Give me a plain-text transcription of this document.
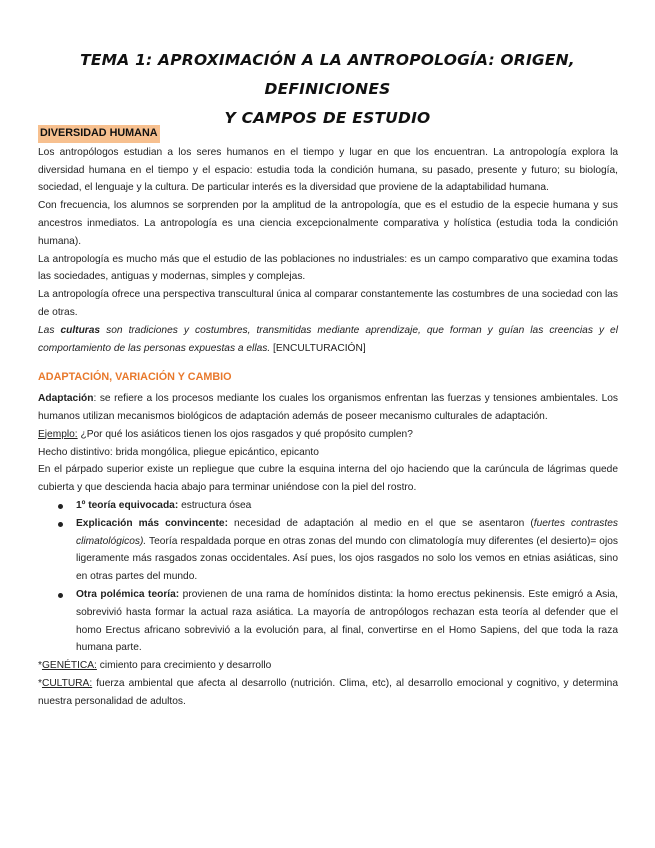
TEMA 1: APROXIMACIÓN A LA ANTROPOLOGÍA: ORIGEN, DEFINICIONES
Y CAMPOS DE ESTUDIO
DIVERSIDAD HUMANA

Los antropólogos estudian a los seres humanos en el tiempo y lugar en que los encuentran. La antropología explora la diversidad humana en el tiempo y el espacio: estudia toda la condición humana, su pasado, presente y futuro; su biología, sociedad, el lenguaje y la cultura. De particular interés es la diversidad que proviene de la adaptabilidad humana.

Con frecuencia, los alumnos se sorprenden por la amplitud de la antropología, que es el estudio de la especie humana y sus ancestros inmediatos. La antropología es una ciencia excepcionalmente comparativa y holística (estudia toda la condición humana).

La antropología es mucho más que el estudio de las poblaciones no industriales: es un campo comparativo que examina todas las sociedades, antiguas y modernas, simples y complejas.

La antropología ofrece una perspectiva transcultural única al comparar constantemente las costumbres de una sociedad con las de otras.

Las culturas son tradiciones y costumbres, transmitidas mediante aprendizaje, que forman y guían las creencias y el comportamiento de las personas expuestas a ellas. [ENCULTURACIÓN]

ADAPTACIÓN, VARIACIÓN Y CAMBIO

Adaptación: se refiere a los procesos mediante los cuales los organismos enfrentan las fuerzas y tensiones ambientales. Los humanos utilizan mecanismos biológicos de adaptación además de poseer mecanismo culturales de adaptación.

Ejemplo: ¿Por qué los asiáticos tienen los ojos rasgados y qué propósito cumplen?

Hecho distintivo: brida mongólica, pliegue epicántico, epicanto

En el párpado superior existe un repliegue que cubre la esquina interna del ojo haciendo que la carúncula de lágrimas quede cubierta y que descienda hacia abajo para terminar uniéndose con la piel del rostro.

1º teoría equivocada: estructura ósea
Explicación más convincente: necesidad de adaptación al medio en el que se asentaron (fuertes contrastes climatológicos). Teoría respaldada porque en otras zonas del mundo con climatología muy diferentes (el desierto)= ojos ligeramente más rasgados zonas occidentales. Así pues, los ojos rasgados no solo los vemos en etnias asiáticas, sino en otras partes del mundo.
Otra polémica teoría: provienen de una rama de homínidos distinta: la homo erectus pekinensis. Este emigró a Asia, sobrevivió hasta formar la actual raza asiática. La mayoría de antropólogos rechazan esta teoría al defender que el homo Erectus africano sobrevivió a la evolución para, al final, convertirse en el Homo Sapiens, del que toda la raza humana parte.

*GENÉTICA: cimiento para crecimiento y desarrollo

*CULTURA: fuerza ambiental que afecta al desarrollo (nutrición. Clima, etc), al desarrollo emocional y cognitivo, y determina nuestra personalidad de adultos.
